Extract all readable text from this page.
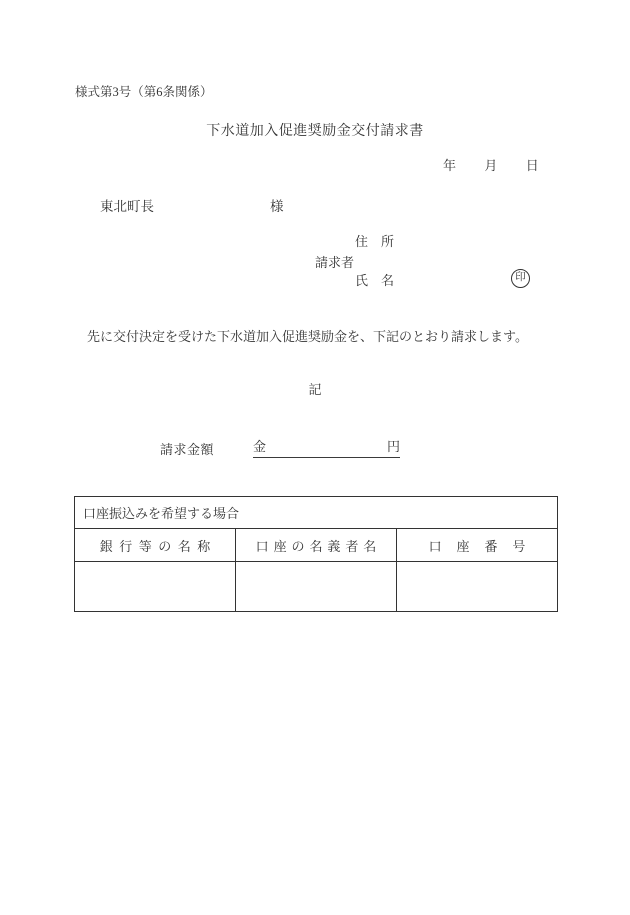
様式第3号（第6条関係）
下水道加入促進奨励金交付請求書
年　　月　　日
東北町長	様
請求者
住　所
氏　名	印
先に交付決定を受けた下水道加入促進奨励金を、下記のとおり請求します。
記
請求金額	金	円
口座振込みを希望する場合		
銀行等の名称	口座の名義者名	口座番号
